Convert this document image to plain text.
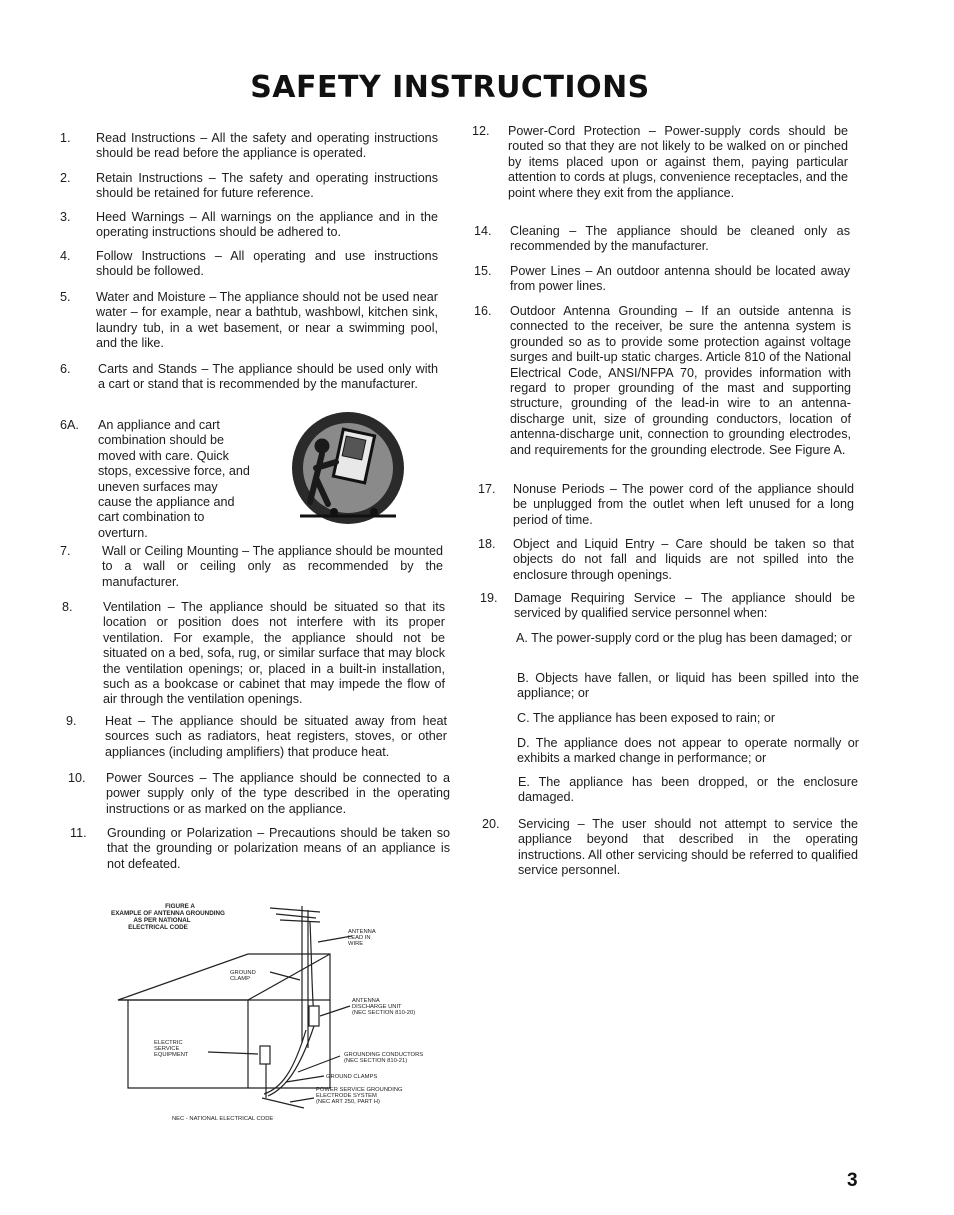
SAFETY INSTRUCTIONS
1. Read Instructions – All the safety and operating instructions should be read before the appliance is operated.
2. Retain Instructions – The safety and operating instructions should be retained for future reference.
3. Heed Warnings – All warnings on the appliance and in the operating instructions should be adhered to.
4. Follow Instructions – All operating and use instructions should be followed.
5. Water and Moisture – The appliance should not be used near water – for example, near a bathtub, washbowl, kitchen sink, laundry tub, in a wet basement, or near a swimming pool, and the like.
6. Carts and Stands – The appliance should be used only with a cart or stand that is recommended by the manufacturer.
6A. An appliance and cart combination should be moved with care. Quick stops, excessive force, and uneven surfaces may cause the appliance and cart combination to overturn.
7. Wall or Ceiling Mounting – The appliance should be mounted to a wall or ceiling only as recommended by the manufacturer.
8. Ventilation – The appliance should be situated so that its location or position does not interfere with its proper ventilation. For example, the appliance should not be situated on a bed, sofa, rug, or similar surface that may block the ventilation openings; or, placed in a built-in installation, such as a bookcase or cabinet that may impede the flow of air through the ventilation openings.
9. Heat – The appliance should be situated away from heat sources such as radiators, heat registers, stoves, or other appliances (including amplifiers) that produce heat.
10. Power Sources – The appliance should be connected to a power supply only of the type described in the operating instructions or as marked on the appliance.
11. Grounding or Polarization – Precautions should be taken so that the grounding or polarization means of an appliance is not defeated.
12. Power-Cord Protection – Power-supply cords should be routed so that they are not likely to be walked on or pinched by items placed upon or against them, paying particular attention to cords at plugs, convenience receptacles, and the point where they exit from the appliance.
14. Cleaning – The appliance should be cleaned only as recommended by the manufacturer.
15. Power Lines – An outdoor antenna should be located away from power lines.
16. Outdoor Antenna Grounding – If an outside antenna is connected to the receiver, be sure the antenna system is grounded so as to provide some protection against voltage surges and built-up static charges. Article 810 of the National Electrical Code, ANSI/NFPA 70, provides information with regard to proper grounding of the mast and supporting structure, grounding of the lead-in wire to an antenna-discharge unit, size of grounding conductors, location of antenna-discharge unit, connection to grounding electrodes, and requirements for the grounding electrode. See Figure A.
17. Nonuse Periods – The power cord of the appliance should be unplugged from the outlet when left unused for a long period of time.
18. Object and Liquid Entry – Care should be taken so that objects do not fall and liquids are not spilled into the enclosure through openings.
19. Damage Requiring Service – The appliance should be serviced by qualified service personnel when:
A. The power-supply cord or the plug has been damaged; or
B. Objects have fallen, or liquid has been spilled into the appliance; or
C. The appliance has been exposed to rain; or
D. The appliance does not appear to operate normally or exhibits a marked change in performance; or
E. The appliance has been dropped, or the enclosure damaged.
20. Servicing – The user should not attempt to service the appliance beyond that described in the operating instructions. All other servicing should be referred to qualified service personnel.
FIGURE A
EXAMPLE OF ANTENNA GROUNDING
AS PER NATIONAL
ELECTRICAL CODE
ANTENNA
LEAD IN
WIRE
GROUND
CLAMP
ANTENNA
DISCHARGE UNIT
(NEC SECTION 810-20)
ELECTRIC
SERVICE
EQUIPMENT	GROUNDING CONDUCTORS
(NEC SECTION 810-21)
GROUND CLAMPS
POWER SERVICE GROUNDING
ELECTRODE SYSTEM
(NEC ART 250, PART H)
NEC - NATIONAL ELECTRICAL CODE
3
